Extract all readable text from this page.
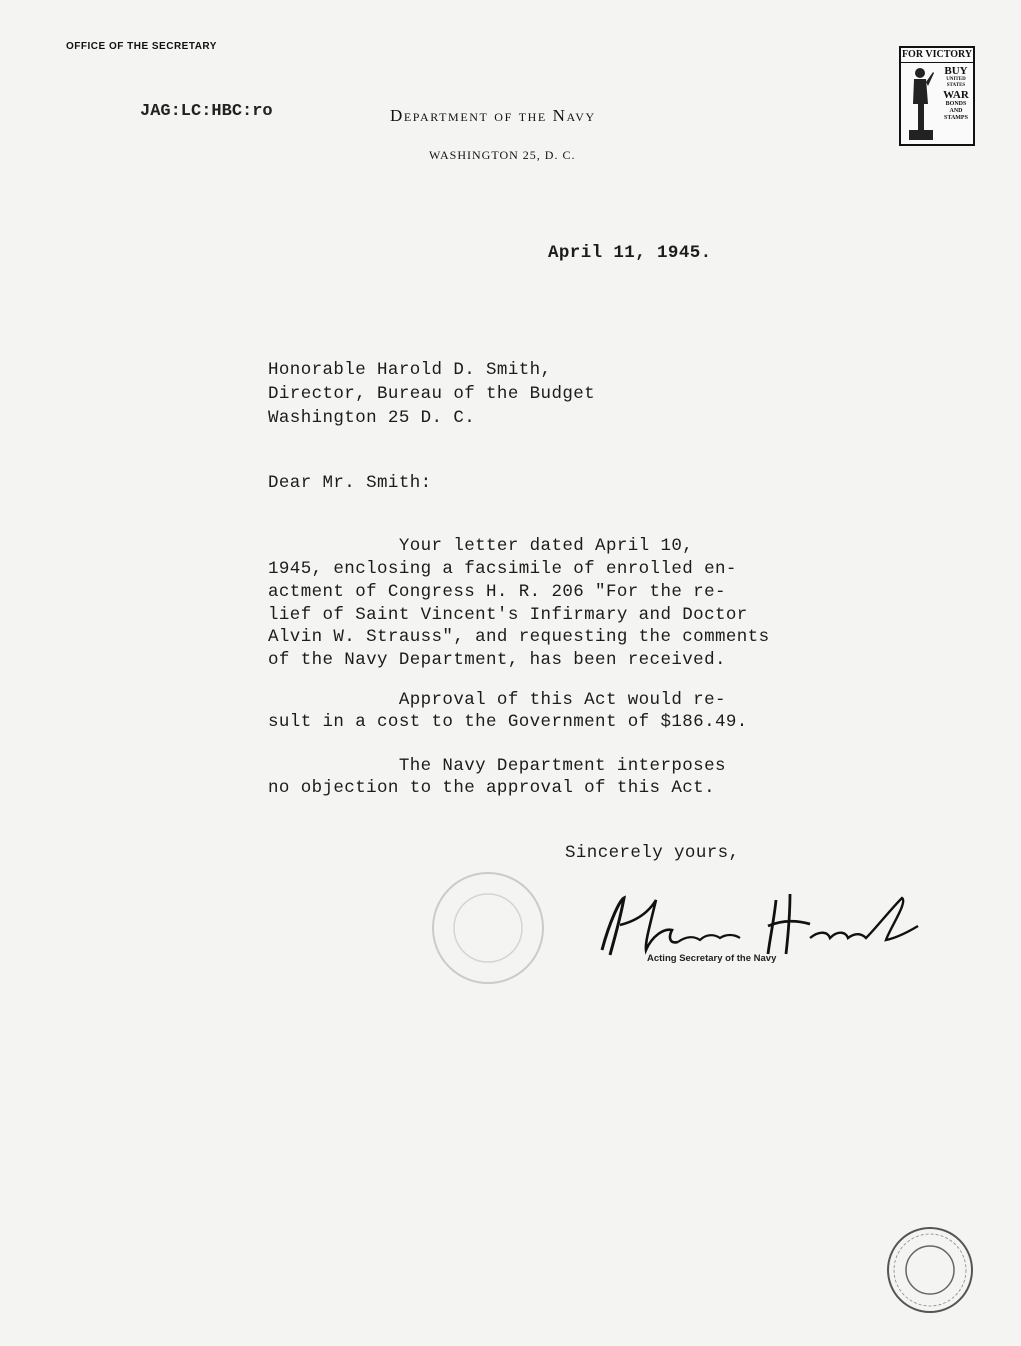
OFFICE OF THE SECRETARY
JAG:LC:HBC:ro	Department of the Navy
WASHINGTON 25, D. C.
FOR VICTORY
BUY
UNITED STATES
WAR
BONDS AND STAMPS
April 11, 1945.
Honorable Harold D. Smith,
Director, Bureau of the Budget
Washington 25 D. C.
Dear Mr. Smith:
Your letter dated April 10,
1945, enclosing a facsimile of enrolled en-
actment of Congress H. R. 206 "For the re-
lief of Saint Vincent's Infirmary and Doctor
Alvin W. Strauss", and requesting the comments
of the Navy Department, has been received.
Approval of this Act would re-
sult in a cost to the Government of $186.49.
The Navy Department interposes
no objection to the approval of this Act.
Sincerely yours,
Acting Secretary of the Navy
